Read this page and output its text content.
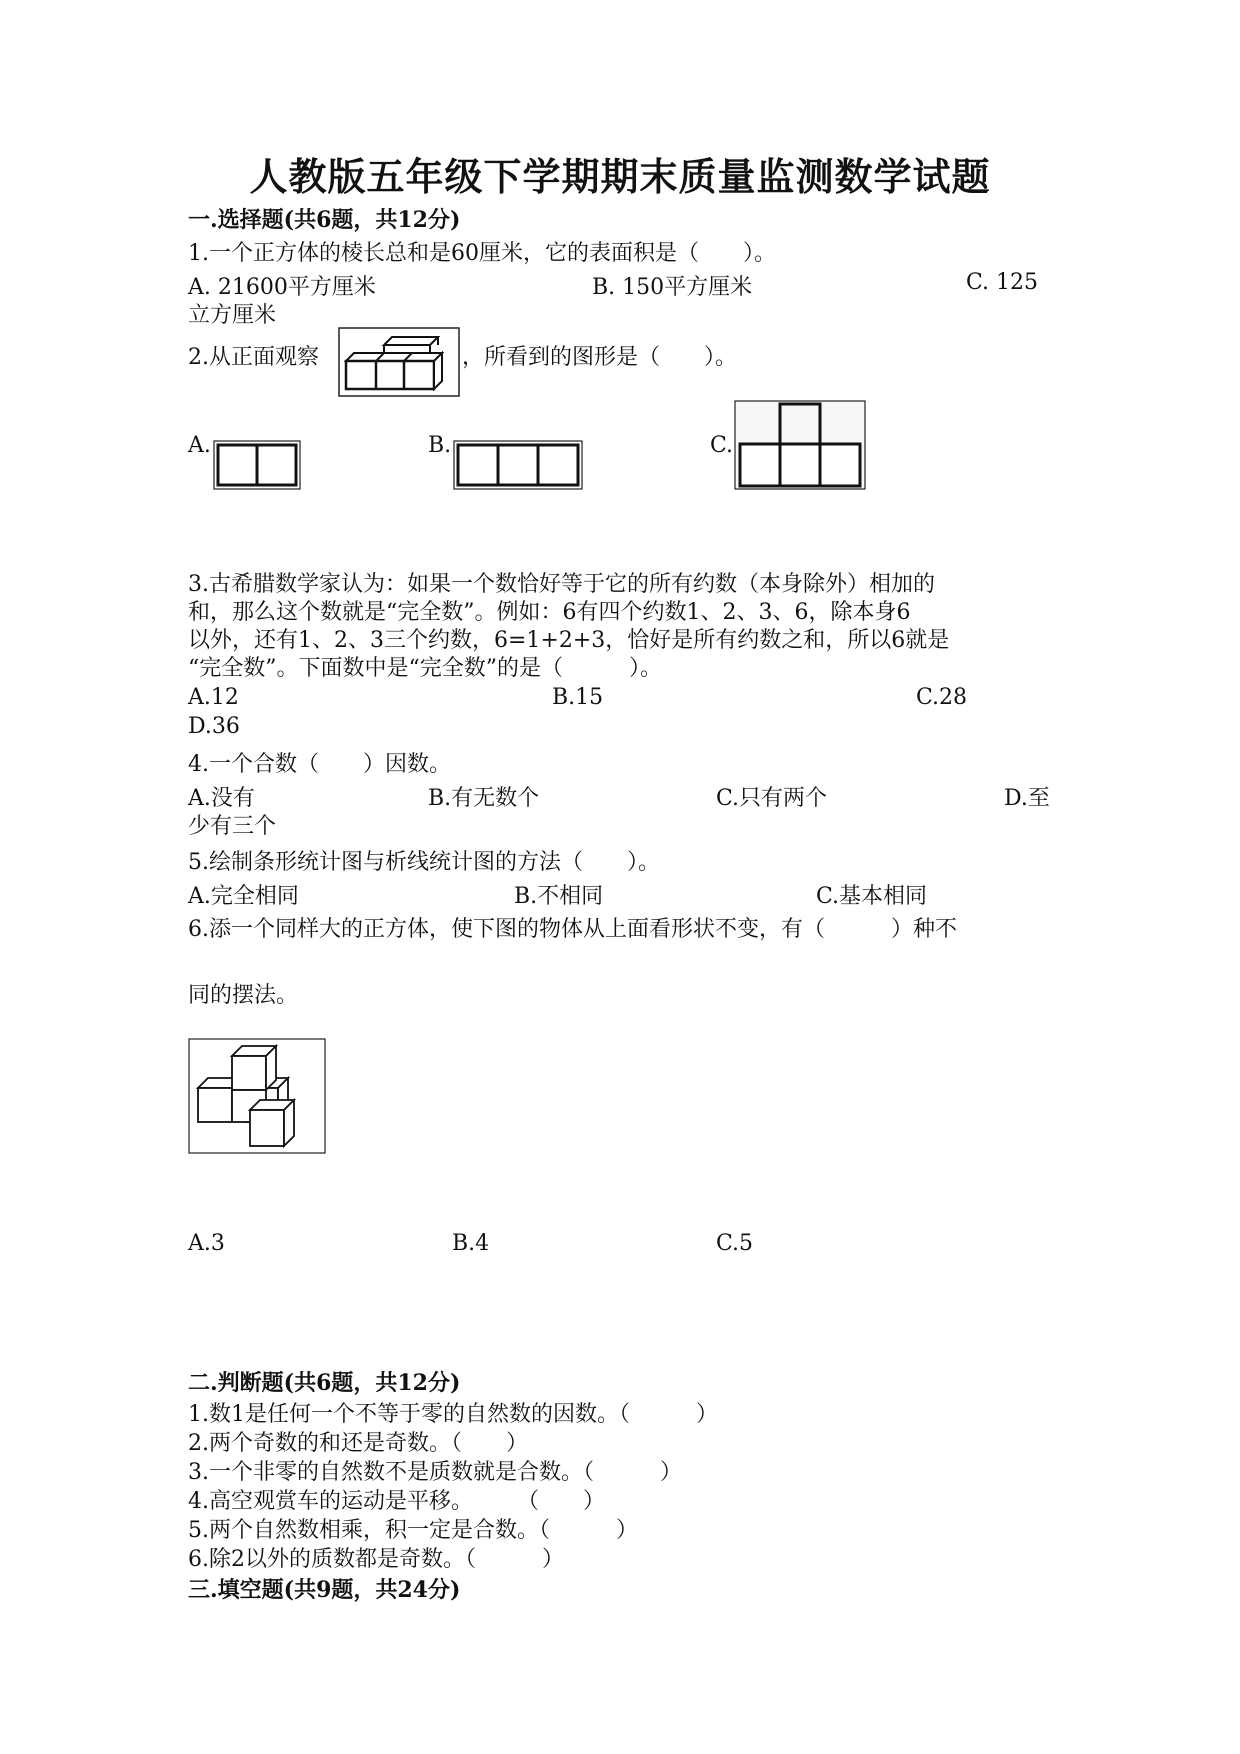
人教版五年级下学期期末质量监测数学试题
一.选择题(共6题，共12分)
1.一个正方体的棱长总和是60厘米，它的表面积是（　　）。
A. 21600平方厘米	B. 150平方厘米	C. 125
立方厘米
2.从正面观察	，所看到的图形是（　　）。
A.	B.	C.
3.古希腊数学家认为：如果一个数恰好等于它的所有约数（本身除外）相加的
和，那么这个数就是“完全数”。例如：6有四个约数1、2、3、6，除本身6
以外，还有1、2、3三个约数，6=1+2+3，恰好是所有约数之和，所以6就是
“完全数”。下面数中是“完全数”的是（　　　）。
A.12	B.15	C.28
D.36
4.一个合数（　　）因数。
A.没有	B.有无数个	C.只有两个	D.至
少有三个
5.绘制条形统计图与析线统计图的方法（　　）。
A.完全相同	B.不相同	C.基本相同
6.添一个同样大的正方体，使下图的物体从上面看形状不变，有（　　　）种不
同的摆法。
A.3	B.4	C.5
二.判断题(共6题，共12分)
1.数1是任何一个不等于零的自然数的因数。（　　　）
2.两个奇数的和还是奇数。（　　）
3.一个非零的自然数不是质数就是合数。（　　　）
4.高空观赏车的运动是平移。　　　（　　）
5.两个自然数相乘，积一定是合数。（　　　）
6.除2以外的质数都是奇数。（　　　）
三.填空题(共9题，共24分)
